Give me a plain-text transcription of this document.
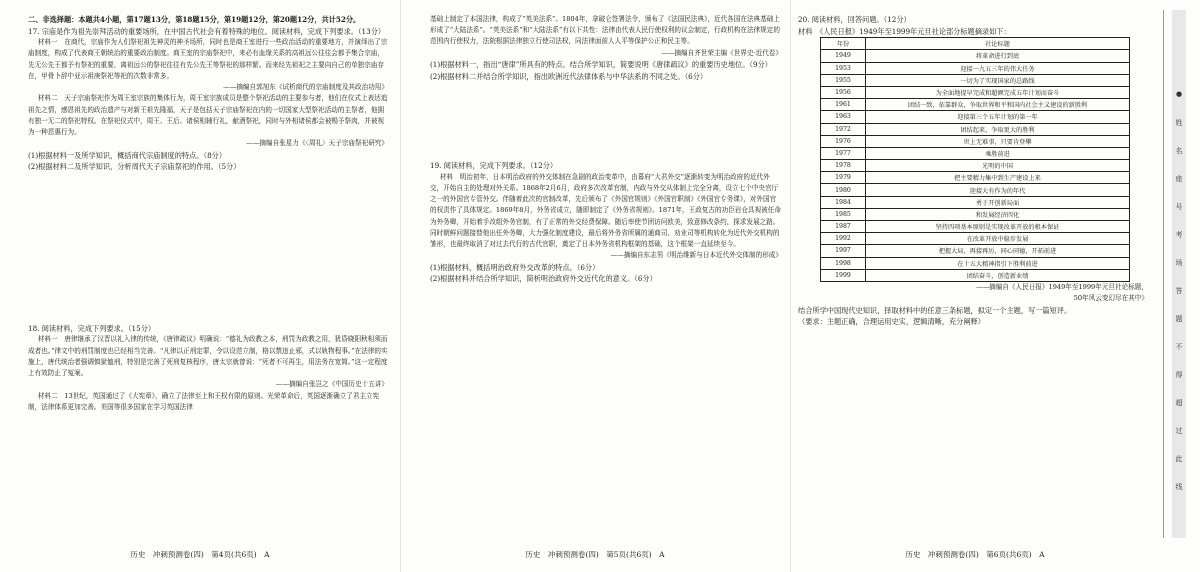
二、非选择题：本题共4小题，第17题13分，第18题15分，第19题12分，第20题12分，共计52分。

17. 宗庙是作为祖先崇拜活动的重要场所，在中国古代社会有着特殊的地位。阅读材料，完成下列要求。（13分）

材料一　在商代，宗庙作为人们祭祀祖先神灵的神圣场所，同时也是商王室进行一些政治活动的重要地方，并演绎出了宗庙制度，构成了代表商王朝统治的重要政治制度。商王室的宗庙祭祀中，来必有血缘关系的高祖远公往往会都予集合宗庙，先无公先王都予有祭祀的重要，离祖远公的祭祀往往有先公先王等祭祀的那样繁。而来经先祖祀之主要向自己的单独宗庙存在，甲骨卜辞中亚示祖庚祭祀等祀的次数非常多。

——摘编自郭旭东《试析商代的宗庙制度及其政治功用》

材料二　天子宗庙祭祀作为周王室宗族的集体行为，周王室宗族成员是整个祭祀活动的主要参与者，他们在仪式上表达追祖先之情，感恩祖先的政治遗产与对新王祖先隆福，天子是包括天子宗庙祭祀在内的一切国家大型祭祀活动的主祭者，他拥有独一无二的祭祀特权。在祭祀仪式中，周王、王后、诸侯相辅行礼，献酒祭祀，同时与外相诸侯都会被赐予祭肉，并被视为一种恩惠行为。

——摘编自张星力《〈周礼〉天子宗庙祭祀研究》

(1)根据材料一及所学知识，概括商代宗庙制度的特点。（8分）

(2)根据材料二及所学知识，分析周代天子宗庙祭祀的作用。（5分）

18. 阅读材料，完成下列要求。（15分）

材料一　唐律继承了汉晋以礼入律的传统，《唐律疏议》明确说：“德礼为政教之本，刑罚为政教之用，犹昏晓阳秋相须而成者也。”律文中的刑罚制度也已经相当完善。“凡律以正刑定罪，令以设范立制，格以禁违止邪，式以轨物程事。”在法律的实施上，唐代统治者强调慎狱恤刑，特别是完善了死刑复核程序，唐太宗就曾说：“死者不可再生，用法务在宽简。”这一定程度上有效防止了冤案。

——摘编自张岂之《中国历史十五讲》

材料二　13世纪，英国通过了《大宪章》，确立了法律至上和王权有限的原则。光荣革命后，英国逐渐确立了君主立宪制，法律体系更加完善。美国等很多国家在学习英国法律

历史　冲刺预测卷(四)　第4页(共6页)　A

基础上制定了本国法律，构成了“英美法系”。1804年，拿破仑签署法令，颁布了《法国民法典》，近代各国在法典基础上形成了“大陆法系”。“英美法系”和“大陆法系”有以下共性：法律由代表人民行使权利的议会制定，行政机构在法律规定的范围内行使权力，法院根据法律独立行使司法权，同法律面前人人平等保护公正和民主等。

——摘编自齐世荣主编《世界史·近代卷》

(1)根据材料一，指出“唐律”所具有的特点。结合所学知识，简要说明《唐律疏议》的重要历史地位。（9分）

(2)根据材料二并结合所学知识，指出欧洲近代法律体系与中华法系的不同之处。（6分）

19. 阅读材料，完成下列要求。（12分）

材料　明治初年，日本明治政府的外交体制在急剧的政治变革中，由幕府“大君外交”逐渐转变为明治政府的近代外交，开始自主的处理对外关系。1868年2月6月，政府多次改革官制，内政与外交从体制上完全分离，设立七个中央官厅之一的外国官专管外交。伴随着此次的官制改革，先后颁布了《外国官规则》《外国官职制》《外国官专务课》，对外国官的权责作了具体规定。1869年8月，外务省成立，随即制定了《外务省规则》。1871年，王政复古的功臣岩仓具视被任命为外务卿，开始着手改组外务官制，有了正常的外交经费保障。随后率使节团访问欧美，致意修改条约，探求发展之路。同时朝鲜问题接替他出任外务卿，大力强化制度建设，最后将外务省所属的通商司、劝业司等机构转化为近代外交机构的雏形，也最终取消了对过去代行的古代官职，奠定了日本外务省机构框架的基础，这个框架一直延续至今。

——摘编自东志男《明治维新与日本近代外交体制的形成》

(1)根据材料，概括明治政府外交改革的特点。（6分）

(2)根据材料并结合所学知识，简析明治政府外交近代化的意义。（6分）

历史　冲刺预测卷(四)　第5页(共6页)　A

20. 阅读材料，回答问题。（12分）

材料　《人民日报》1949年至1999年元旦社论部分标题摘录如下：

年份	社论标题
1949	将革命进行到底
1953	迎接一九五三年的伟大任务
1955	一切为了实现国家的总路线
1956	为全面地提早完成和超额完成五年计划而奋斗
1961	团结一致，依靠群众，争取世界和平和国内社会主义建设的新胜利
1963	迎接第三个五年计划的第一年
1972	团结起来，争取更大的胜利
1976	世上无难事，只要肯登攀
1977	乘胜前进
1978	光明的中国
1979	把主要精力集中到生产建设上来
1980	迎接大有作为的年代
1984	勇于开创新局面
1985	和发展经济四化
1987	坚持四项基本原则是实现改革开放的根本保证
1992	在改革开放中稳步发展
1997	把握大局，再接再厉，同心同德，开拓前进
1998	在十五大精神指引下胜利前进
1999	团结奋斗，创造新业绩

——摘编自《人民日报》1949年至1999年元旦社论标题，

50年风云变幻尽在其中》

结合所学中国现代史知识，择取材料中的任意三条标题，拟定一个主题，写一篇短评。

（要求：主题正确，合理运用史实，逻辑清晰，充分阐释）

历史　冲刺预测卷(四)　第6页(共6页)　A
●
姓
名
座
号
考
场
答
题
不
得
超
过
此
线
